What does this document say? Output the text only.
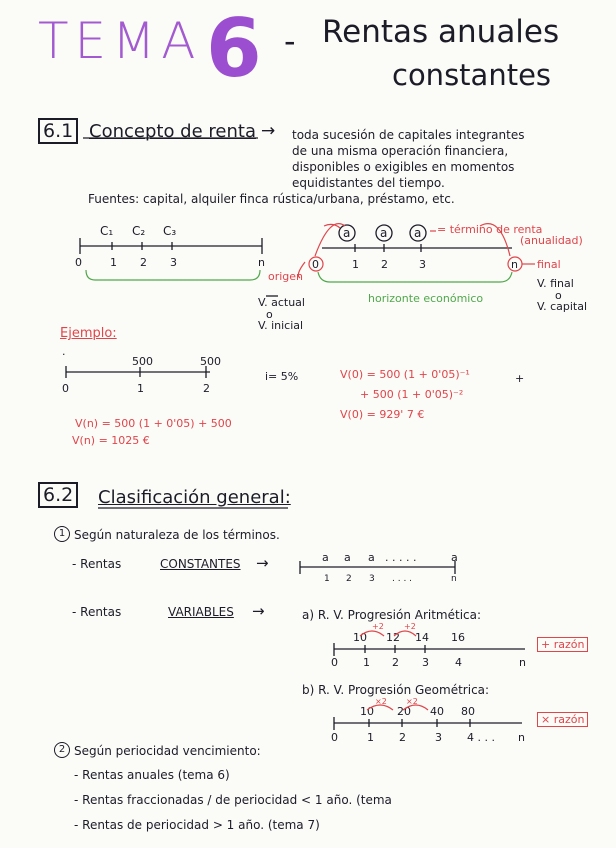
TEMA 6 - Rentas anuales
constantes
6.1 Concepto de renta → toda sucesión de capitales integrantes
de una misma operación financiera,
disponibles o exigibles en momentos
equidistantes del tiempo.
Fuentes: capital, alquiler finca rústica/urbana, préstamo, etc.
C₁ C₂ C₃
0	1 2 3	n
a a a = término de renta
(anualidad)
origen
0	1 2	3	n final
horizonte económico
V. final
o
V. capital
V. actual
o
V. inicial
Ejemplo:
·
500	500
0	1	2
i= 5%	V(0) = 500 (1 + 0'05)⁻¹	+
+ 500 (1 + 0'05)⁻²
V(0) = 929' 7 €
V(n) = 500 (1 + 0'05) + 500
V(n) = 1025 €
6.2 Clasificación general:
1 Según naturaleza de los términos.
- Rentas	CONSTANTES →	a a a . . . . .	a
1 2 3 . . . .	n
- Rentas	VARIABLES →	a) R. V. Progresión Aritmética:
+2	+2
10 12 14 16
0 1 2 3 4	n
+ razón
b) R. V. Progresión Geométrica:
×2 ×2
10 20 40 80
0	1 2	3 4 . . . n
× razón
2 Según periocidad vencimiento:
- Rentas anuales (tema 6)
- Rentas fraccionadas / de periocidad < 1 año. (tema
- Rentas de periocidad > 1 año. (tema 7)
